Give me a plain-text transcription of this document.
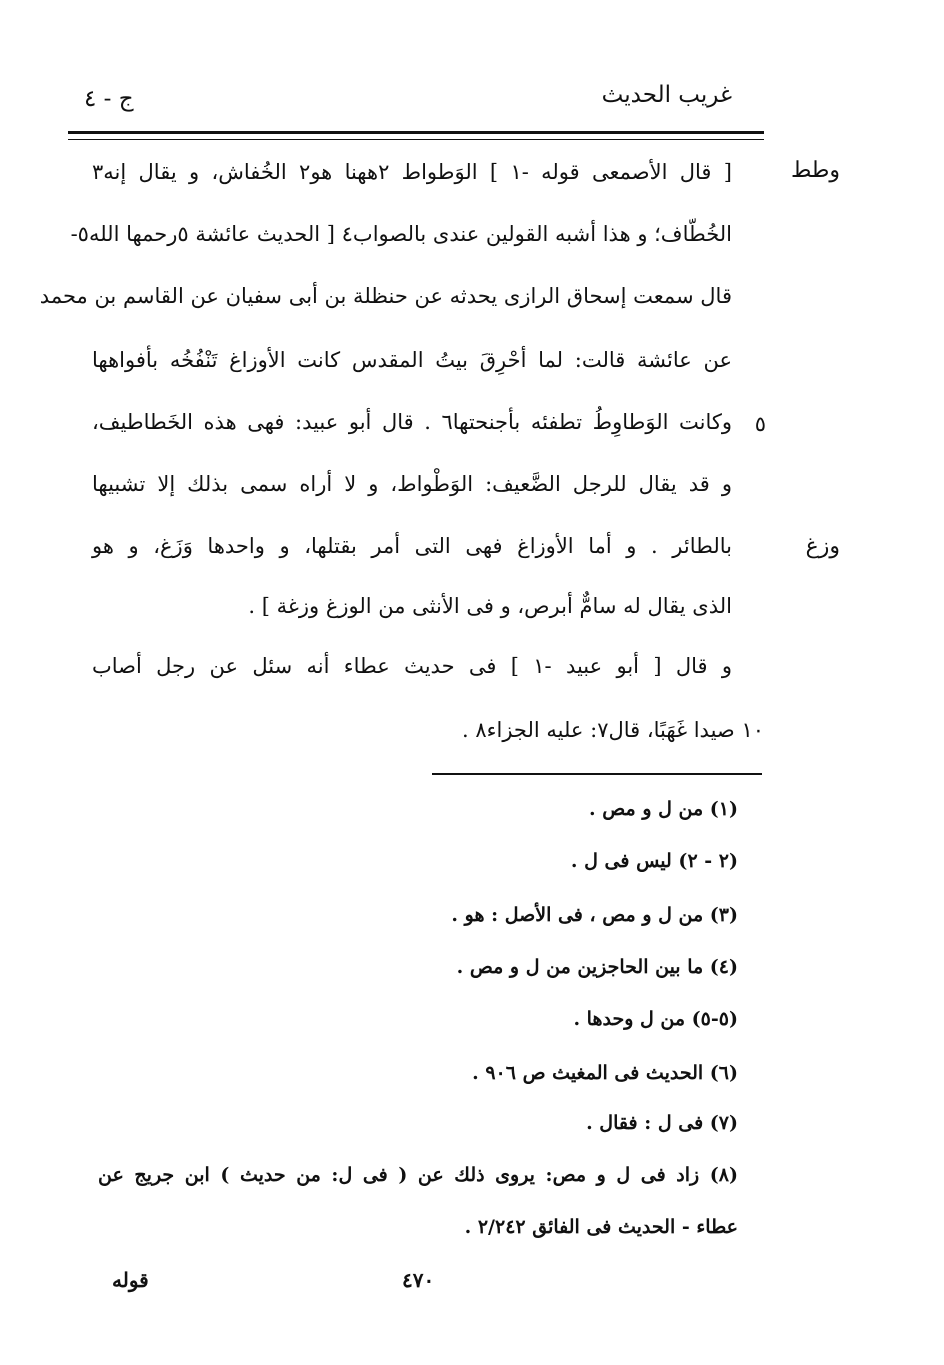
غريب الحديث
ج - ٤
وطط
وزغ
٥
[ قال الأصمعى قوله -١ ] الوَطواط ٢ههنا هو٢ الخُفاش، و يقال إنه٣
الخُطّاف؛ و هذا أشبه القولين عندى بالصواب٤ [ الحديث عائشة ٥رحمها الله٥-
قال سمعت إسحاق الرازى يحدثه عن حنظلة بن أبى سفيان عن القاسم بن محمد
عن عائشة قالت: لما أحْرِقَ بيتُ المقدس كانت الأوزاغ تَنْفُخُه بأفواهها
وكانت الوَطاوِطُ تطفئه بأجنحتها٦ . قال أبو عبيد: فهى هذه الخَطاطيف،
و قد يقال للرجل الضَّعيف: الوَطْواط، و لا أراه سمى بذلك إلا تشبيها
بالطائر . و أما الأوزاغ فهى التى أمر بقتلها، و واحدها وَزَغ، و هو
الذى يقال له سامٌّ أبرص، و فى الأنثى من الوزغ وزغة ] .
و قال [ أبو عبيد -١ ] فى حديث عطاء أنه سئل عن رجل أصاب
١٠ صيدا غَهَبًا، قال٧: عليه الجزاء٨ .
(١) من ل و مص .
(٢ - ٢) ليس فى ل .
(٣) من ل و مص ، فى الأصل : هو .
(٤) ما بين الحاجزين من ل و مص .
(٥-٥) من ل وحدها .
(٦) الحديث فى المغيث ص ٩٠٦ .
(٧) فى ل : فقال .
(٨) زاد فى ل و مص: يروى ذلك عن ( فى ل: من حديث ) ابن جريج عن
عطاء - الحديث فى الفائق ٢/٢٤٢ .
قوله	٤٧٠
